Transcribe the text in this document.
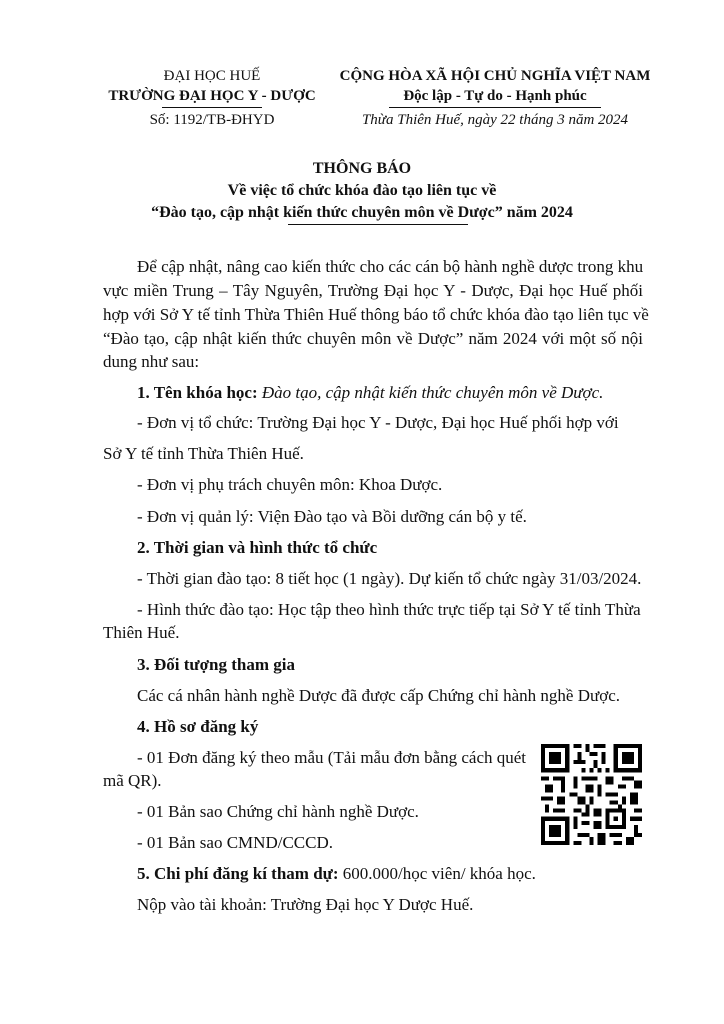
ĐẠI HỌC HUẾ
TRƯỜNG ĐẠI HỌC Y - DƯỢC
Số: 1192/TB-ĐHYD
CỘNG HÒA XÃ HỘI CHỦ NGHĨA VIỆT NAM
Độc lập - Tự do - Hạnh phúc
Thừa Thiên Huế, ngày 22 tháng 3 năm 2024
THÔNG BÁO
Về việc tổ chức khóa đào tạo liên tục về
“Đào tạo, cập nhật kiến thức chuyên môn về Dược” năm 2024
Để cập nhật, nâng cao kiến thức cho các cán bộ hành nghề dược trong khu
vực miền Trung – Tây Nguyên, Trường Đại học Y - Dược, Đại học Huế phối
hợp với Sở Y tế tỉnh Thừa Thiên Huế thông báo tổ chức khóa đào tạo liên tục về
“Đào tạo, cập nhật kiến thức chuyên môn về Dược” năm 2024 với một số nội
dung như sau:
1. Tên khóa học: Đào tạo, cập nhật kiến thức chuyên môn về Dược.
- Đơn vị tổ chức: Trường Đại học Y - Dược, Đại học Huế phối hợp với
Sở Y tế tỉnh Thừa Thiên Huế.
- Đơn vị phụ trách chuyên môn: Khoa Dược.
- Đơn vị quản lý: Viện Đào tạo và Bồi dưỡng cán bộ y tế.
2. Thời gian và hình thức tổ chức
- Thời gian đào tạo: 8 tiết học (1 ngày). Dự kiến tổ chức ngày 31/03/2024.
- Hình thức đào tạo: Học tập theo hình thức trực tiếp tại Sở Y tế tỉnh Thừa
Thiên Huế.
3. Đối tượng tham gia
Các cá nhân hành nghề Dược đã được cấp Chứng chỉ hành nghề Dược.
4. Hồ sơ đăng ký
- 01 Đơn đăng ký theo mẫu (Tải mẫu đơn bằng cách quét
mã QR).
- 01 Bản sao Chứng chỉ hành nghề Dược.
- 01 Bản sao CMND/CCCD.
5. Chi phí đăng kí tham dự: 600.000/học viên/ khóa học.
Nộp vào tài khoản: Trường Đại học Y Dược Huế.
